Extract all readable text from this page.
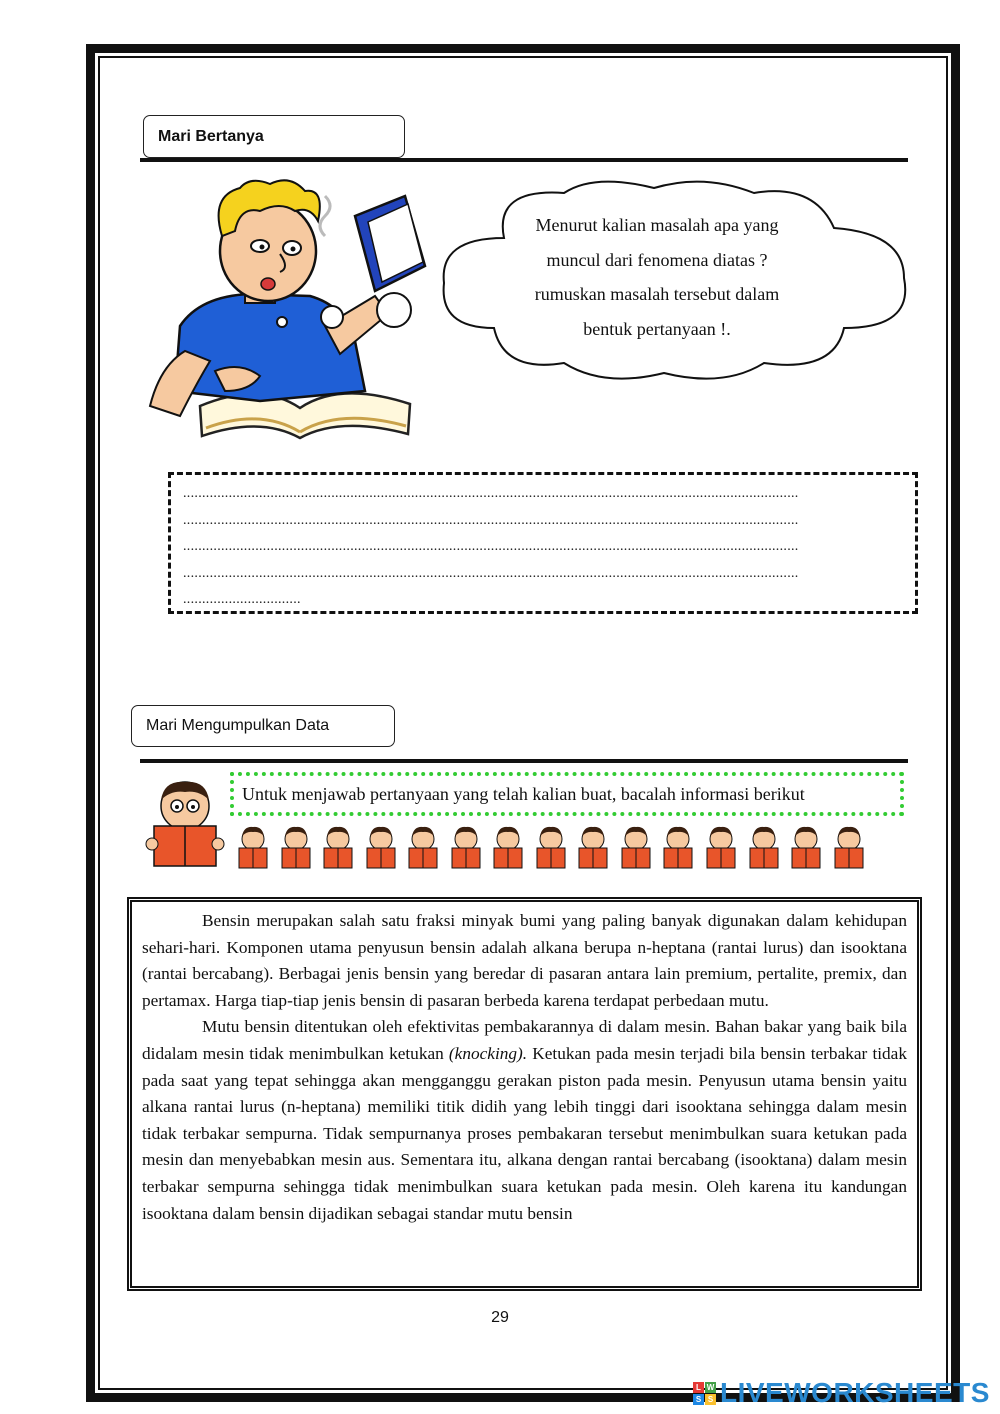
Mari Bertanya
Menurut kalian masalah apa yang
muncul dari fenomena diatas ?
rumuskan masalah tersebut dalam
bentuk pertanyaan !.
..................................................................................................................................................................
..................................................................................................................................................................
..................................................................................................................................................................
..................................................................................................................................................................
...............................
Mari Mengumpulkan Data
Untuk menjawab pertanyaan yang telah kalian buat, bacalah informasi berikut

Bensin merupakan salah satu fraksi minyak bumi yang paling banyak digunakan dalam kehidupan sehari-hari. Komponen utama penyusun bensin adalah alkana berupa n-heptana (rantai lurus) dan isooktana (rantai bercabang). Berbagai jenis bensin yang beredar di pasaran antara lain premium, pertalite, premix, dan pertamax. Harga tiap-tiap jenis bensin di pasaran berbeda karena terdapat perbedaan mutu.

Mutu bensin ditentukan oleh efektivitas pembakarannya di dalam mesin. Bahan bakar yang baik bila didalam mesin tidak menimbulkan ketukan (knocking). Ketukan pada mesin terjadi bila bensin terbakar tidak pada saat yang tepat sehingga akan mengganggu gerakan piston pada mesin. Penyusun utama bensin yaitu alkana rantai lurus (n-heptana) memiliki titik didih yang lebih tinggi dari isooktana sehingga dalam mesin tidak terbakar sempurna. Tidak sempurnanya proses pembakaran tersebut menimbulkan suara ketukan pada mesin dan menyebabkan mesin aus. Sementara itu, alkana dengan rantai bercabang (isooktana) dalam mesin terbakar sempurna sehingga tidak menimbulkan suara ketukan pada mesin. Oleh karena itu kandungan isooktana dalam bensin dijadikan sebagai standar mutu bensin

29
L W
S S LIVEWORKSHEETS
